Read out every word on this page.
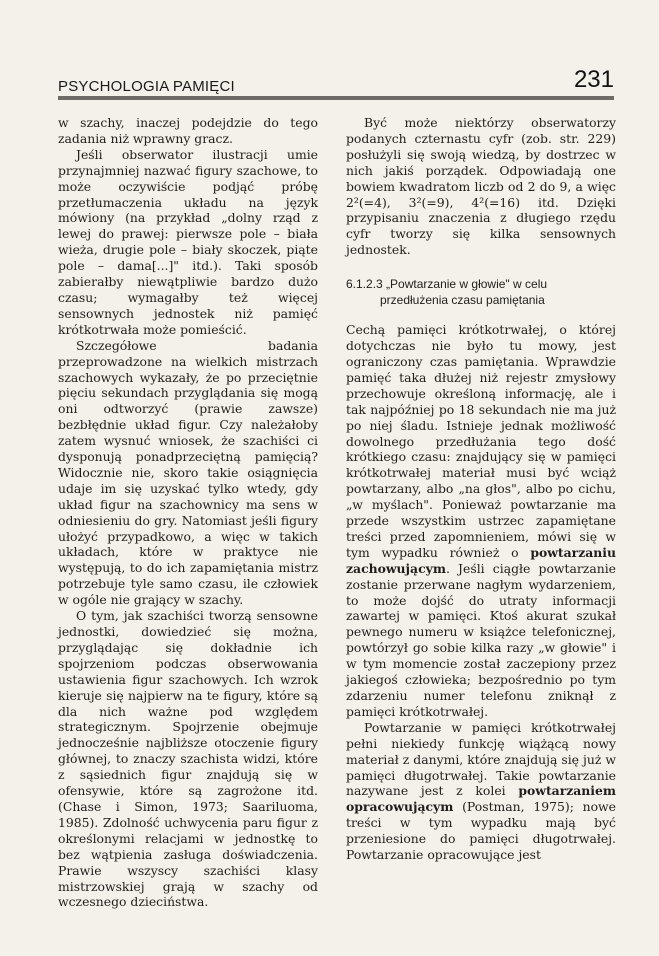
PSYCHOLOGIA PAMIĘCI	231

w szachy, inaczej podejdzie do tego zadania niż wprawny gracz.

Jeśli obserwator ilustracji umie przynajmniej nazwać figury szachowe, to może oczywiście podjąć próbę przetłumaczenia układu na język mówiony (na przykład „dolny rząd z lewej do prawej: pierwsze pole – biała wieża, drugie pole – biały skoczek, piąte pole – dama[...]" itd.). Taki sposób zabierałby niewątpliwie bardzo dużo czasu; wymagałby też więcej sensownych jednostek niż pamięć krótkotrwała może pomieścić.

Szczegółowe badania przeprowadzone na wielkich mistrzach szachowych wykazały, że po przeciętnie pięciu sekundach przyglądania się mogą oni odtworzyć (prawie zawsze) bezbłędnie układ figur. Czy należałoby zatem wysnuć wniosek, że szachiści ci dysponują ponadprzeciętną pamięcią? Widocznie nie, skoro takie osiągnięcia udaje im się uzyskać tylko wtedy, gdy układ figur na szachownicy ma sens w odniesieniu do gry. Natomiast jeśli figury ułożyć przypadkowo, a więc w takich układach, które w praktyce nie występują, to do ich zapamiętania mistrz potrzebuje tyle samo czasu, ile człowiek w ogóle nie grający w szachy.

O tym, jak szachiści tworzą sensowne jednostki, dowiedzieć się można, przyglądając się dokładnie ich spojrzeniom podczas obserwowania ustawienia figur szachowych. Ich wzrok kieruje się najpierw na te figury, które są dla nich ważne pod względem strategicznym. Spojrzenie obejmuje jednocześnie najbliższe otoczenie figury głównej, to znaczy szachista widzi, które z sąsiednich figur znajdują się w ofensywie, które są zagrożone itd. (Chase i Simon, 1973; Saariluoma, 1985). Zdolność uchwycenia paru figur z określonymi relacjami w jednostkę to bez wątpienia zasługa doświadczenia. Prawie wszyscy szachiści klasy mistrzowskiej grają w szachy od wczesnego dzieciństwa.

Być może niektórzy obserwatorzy podanych czternastu cyfr (zob. str. 229) posłużyli się swoją wiedzą, by dostrzec w nich jakiś porządek. Odpowiadają one bowiem kwadratom liczb od 2 do 9, a więc 2²(=4), 3²(=9), 4²(=16) itd. Dzięki przypisaniu znaczenia z długiego rzędu cyfr tworzy się kilka sensownych jednostek.

6.1.2.3 „Powtarzanie w głowie" w celu
przedłużenia czasu pamiętania

Cechą pamięci krótkotrwałej, o której dotychczas nie było tu mowy, jest ograniczony czas pamiętania. Wprawdzie pamięć taka dłużej niż rejestr zmysłowy przechowuje określoną informację, ale i tak najpóźniej po 18 sekundach nie ma już po niej śladu. Istnieje jednak możliwość dowolnego przedłużania tego dość krótkiego czasu: znajdujący się w pamięci krótkotrwałej materiał musi być wciąż powtarzany, albo „na głos", albo po cichu, „w myślach". Ponieważ powtarzanie ma przede wszystkim ustrzec zapamiętane treści przed zapomnieniem, mówi się w tym wypadku również o powtarzaniu zachowującym. Jeśli ciągłe powtarzanie zostanie przerwane nagłym wydarzeniem, to może dojść do utraty informacji zawartej w pamięci. Ktoś akurat szukał pewnego numeru w książce telefonicznej, powtórzył go sobie kilka razy „w głowie" i w tym momencie został zaczepiony przez jakiegoś człowieka; bezpośrednio po tym zdarzeniu numer telefonu zniknął z pamięci krótkotrwałej.

Powtarzanie w pamięci krótkotrwałej pełni niekiedy funkcję wiążącą nowy materiał z danymi, które znajdują się już w pamięci długotrwałej. Takie powtarzanie nazywane jest z kolei powtarzaniem opracowującym (Postman, 1975); nowe treści w tym wypadku mają być przeniesione do pamięci długotrwałej. Powtarzanie opracowujące jest
